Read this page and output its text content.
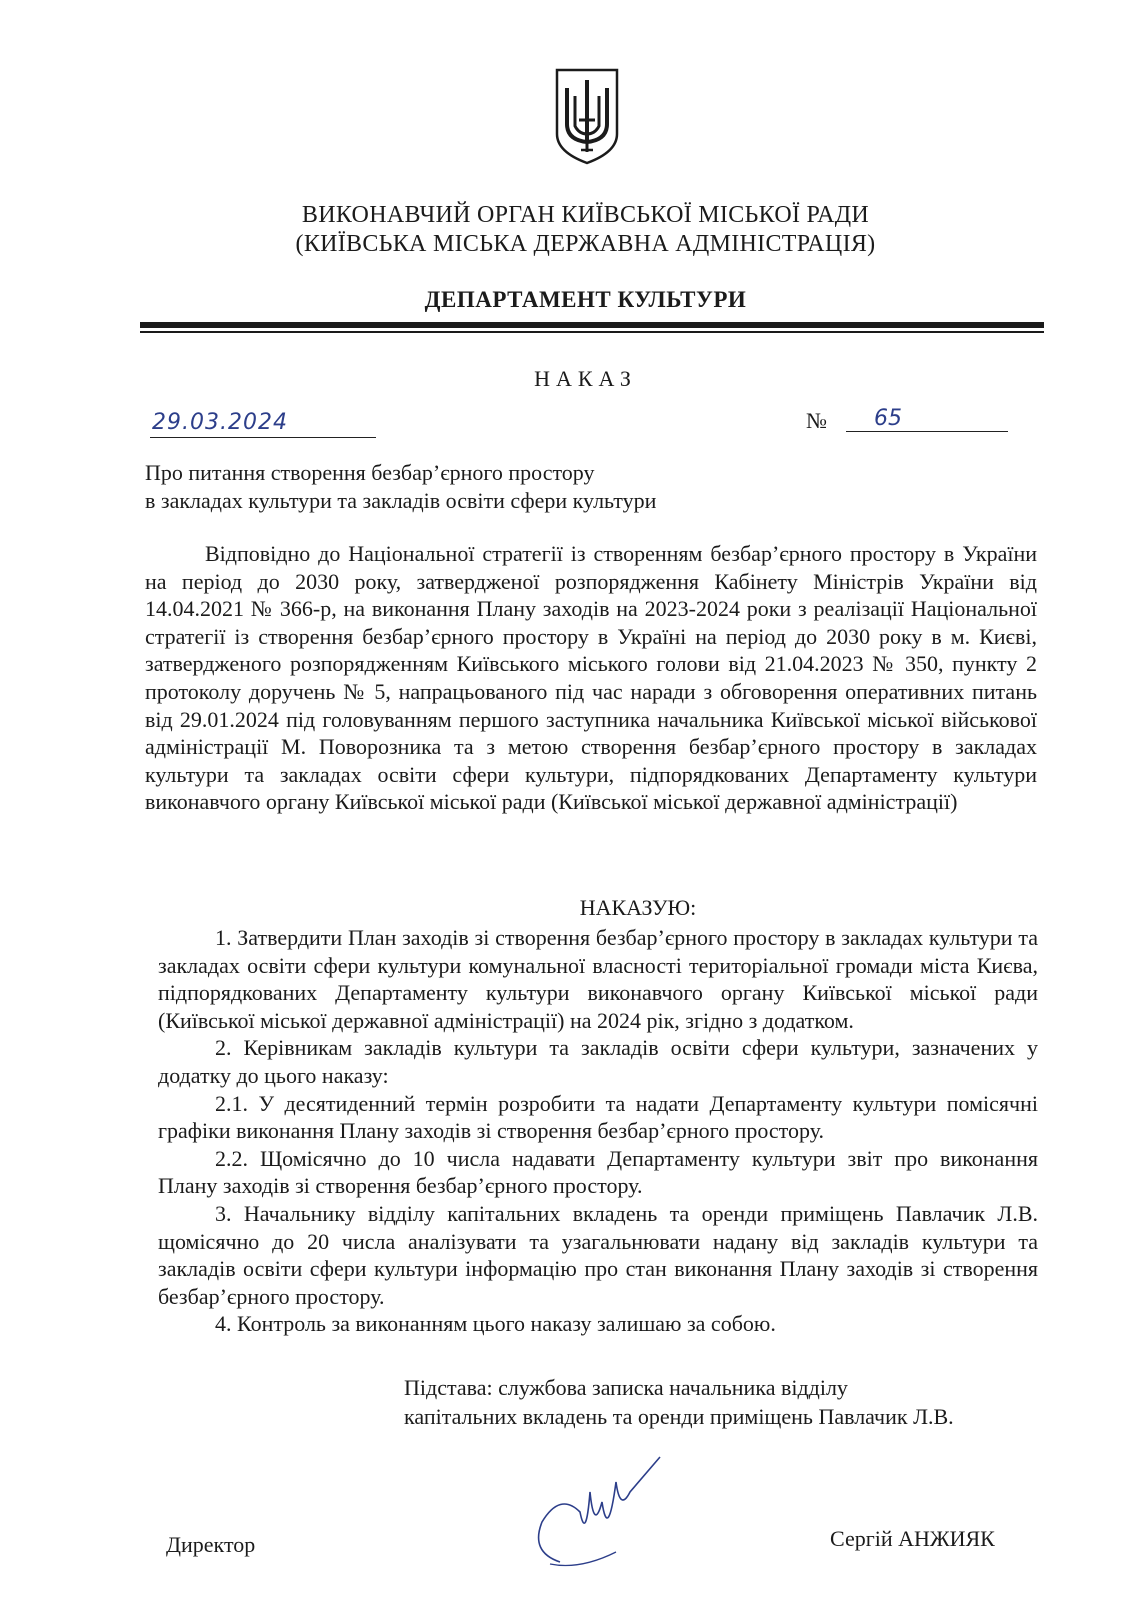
ВИКОНАВЧИЙ ОРГАН КИЇВСЬКОЇ МІСЬКОЇ РАДИ
(КИЇВСЬКА МІСЬКА ДЕРЖАВНА АДМІНІСТРАЦІЯ)
ДЕПАРТАМЕНТ КУЛЬТУРИ
НАКАЗ
29.03.2024	№ 65
Про питання створення безбар’єрного простору
в закладах культури та закладів освіти сфери культури

Відповідно до Національної стратегії із створенням безбар’єрного простору в України на період до 2030 року, затвердженої розпорядження Кабінету Міністрів України від 14.04.2021 № 366-р, на виконання Плану заходів на 2023-2024 роки з реалізації Національної стратегії із створення безбар’єрного простору в Україні на період до 2030 року в м. Києві, затвердженого розпорядженням Київського міського голови від 21.04.2023 № 350, пункту 2 протоколу доручень № 5, напрацьованого під час наради з обговорення оперативних питань від 29.01.2024 під головуванням першого заступника начальника Київської міської військової адміністрації М. Поворозника та з метою створення безбар’єрного простору в закладах культури та закладах освіти сфери культури, підпорядкованих Департаменту культури виконавчого органу Київської міської ради (Київської міської державної адміністрації)

НАКАЗУЮ:

1. Затвердити План заходів зі створення безбар’єрного простору в закладах культури та закладах освіти сфери культури комунальної власності територіальної громади міста Києва, підпорядкованих Департаменту культури виконавчого органу Київської міської ради (Київської міської державної адміністрації) на 2024 рік, згідно з додатком.

2. Керівникам закладів культури та закладів освіти сфери культури, зазначених у додатку до цього наказу:

2.1. У десятиденний термін розробити та надати Департаменту культури помісячні графіки виконання Плану заходів зі створення безбар’єрного простору.

2.2. Щомісячно до 10 числа надавати Департаменту культури звіт про виконання Плану заходів зі створення безбар’єрного простору.

3. Начальнику відділу капітальних вкладень та оренди приміщень Павлачик Л.В. щомісячно до 20 числа аналізувати та узагальнювати надану від закладів культури та закладів освіти сфери культури інформацію про стан виконання Плану заходів зі створення безбар’єрного простору.

4. Контроль за виконанням цього наказу залишаю за собою.

Підстава: службова записка начальника відділу
капітальних вкладень та оренди приміщень Павлачик Л.В.
Директор	Сергій АНЖИЯК
